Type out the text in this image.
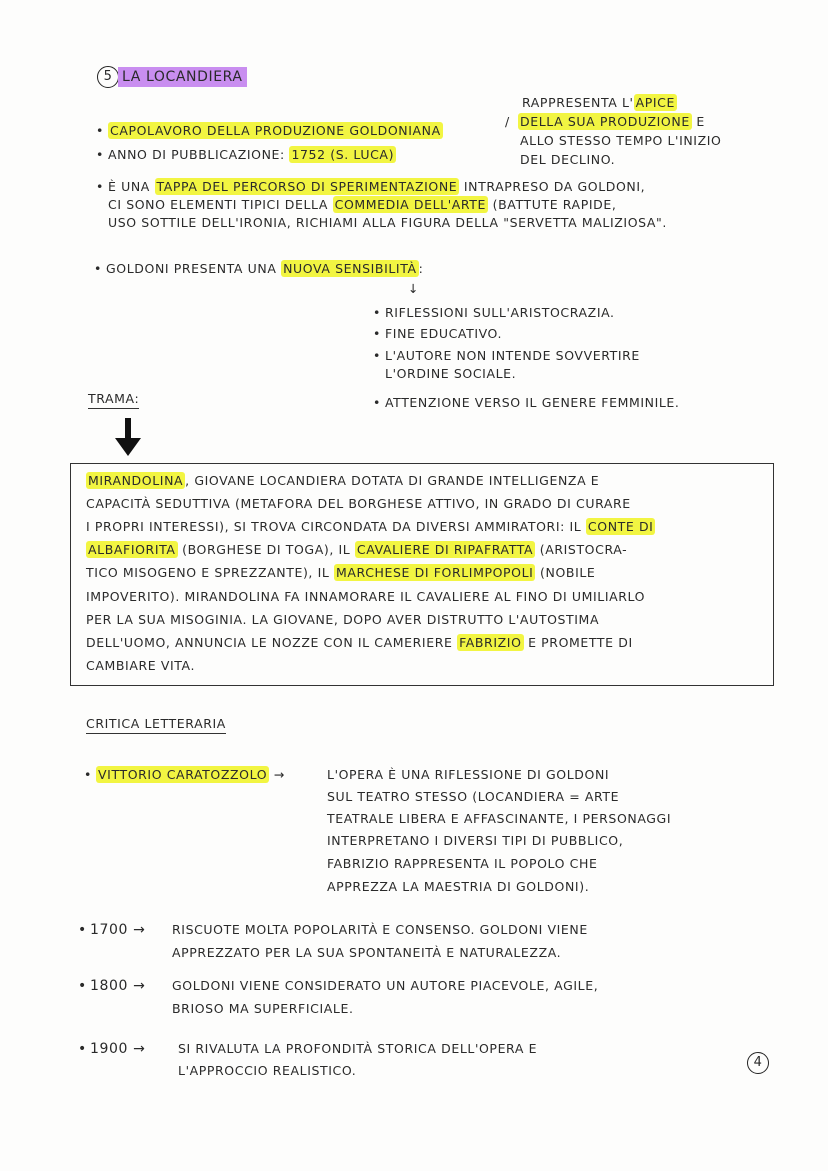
5 LA LOCANDIERA
RAPPRESENTA L' APICE
DELLA SUA PRODUZIONE E
ALLO STESSO TEMPO L'INIZIO
DEL DECLINO.
/
• CAPOLAVORO DELLA PRODUZIONE GOLDONIANA
• ANNO DI PUBBLICAZIONE: 1752 (S. LUCA)
• È UNA TAPPA DEL PERCORSO DI SPERIMENTAZIONE INTRAPRESO DA GOLDONI,
CI SONO ELEMENTI TIPICI DELLA COMMEDIA DELL'ARTE (BATTUTE RAPIDE,
USO SOTTILE DELL'IRONIA, RICHIAMI ALLA FIGURA DELLA "SERVETTA MALIZIOSA".
• GOLDONI PRESENTA UNA NUOVA SENSIBILITÀ :
↓
• RIFLESSIONI SULL'ARISTOCRAZIA.
• FINE EDUCATIVO.
• L'AUTORE NON INTENDE SOVVERTIRE
L'ORDINE SOCIALE.
• ATTENZIONE VERSO IL GENERE FEMMINILE.
TRAMA:
MIRANDOLINA , GIOVANE LOCANDIERA DOTATA DI GRANDE INTELLIGENZA E
CAPACITÀ SEDUTTIVA (METAFORA DEL BORGHESE ATTIVO, IN GRADO DI CURARE
I PROPRI INTERESSI), SI TROVA CIRCONDATA DA DIVERSI AMMIRATORI: IL CONTE DI
ALBAFIORITA (BORGHESE DI TOGA), IL CAVALIERE DI RIPAFRATTA (ARISTOCRA-
TICO MISOGENO E SPREZZANTE), IL MARCHESE DI FORLIMPOPOLI (NOBILE
IMPOVERITO). MIRANDOLINA FA INNAMORARE IL CAVALIERE AL FINO DI UMILIARLO
PER LA SUA MISOGINIA. LA GIOVANE, DOPO AVER DISTRUTTO L'AUTOSTIMA
DELL'UOMO, ANNUNCIA LE NOZZE CON IL CAMERIERE FABRIZIO E PROMETTE DI
CAMBIARE VITA.
CRITICA LETTERARIA
• VITTORIO CARATOZZOLO →	L'OPERA È UNA RIFLESSIONE DI GOLDONI
SUL TEATRO STESSO (LOCANDIERA = ARTE
TEATRALE LIBERA E AFFASCINANTE, I PERSONAGGI
INTERPRETANO I DIVERSI TIPI DI PUBBLICO,
FABRIZIO RAPPRESENTA IL POPOLO CHE
APPREZZA LA MAESTRIA DI GOLDONI).
• 1700 → RISCUOTE MOLTA POPOLARITÀ E CONSENSO. GOLDONI VIENE
APPREZZATO PER LA SUA SPONTANEITÀ E NATURALEZZA.
• 1800 → GOLDONI VIENE CONSIDERATO UN AUTORE PIACEVOLE, AGILE,
BRIOSO MA SUPERFICIALE.
• 1900 →	SI RIVALUTA LA PROFONDITÀ STORICA DELL'OPERA E
L'APPROCCIO REALISTICO.
4
